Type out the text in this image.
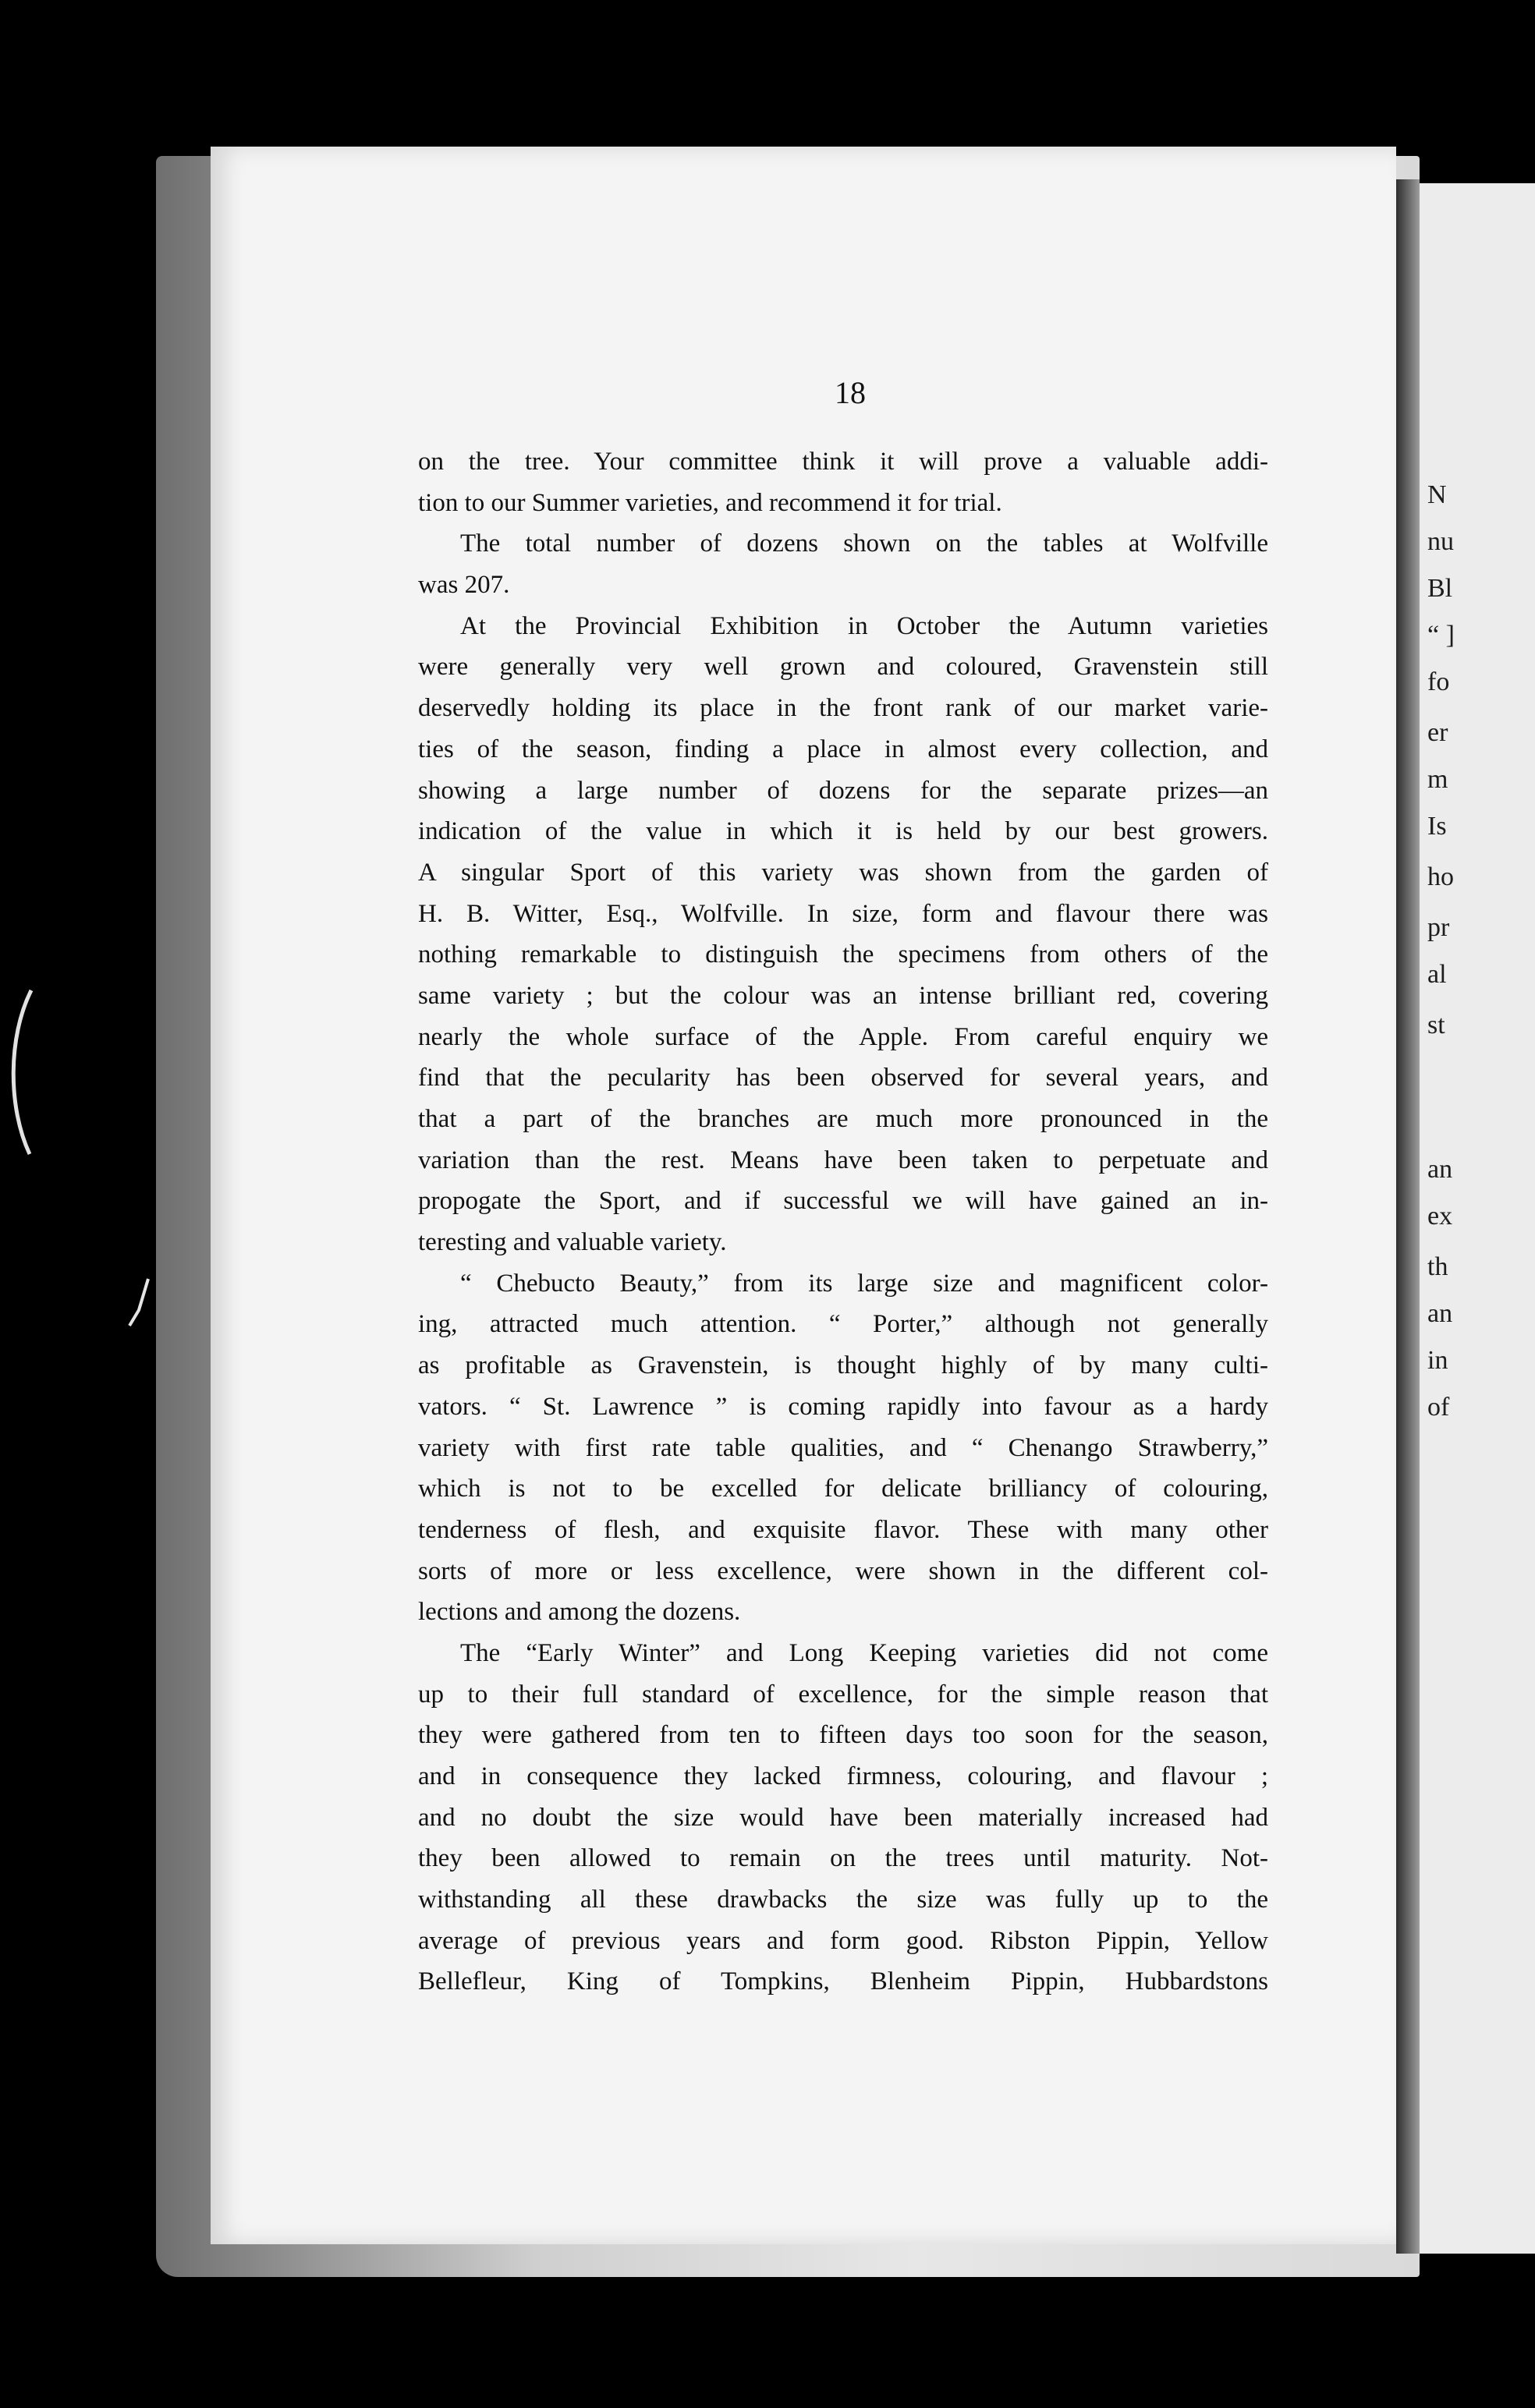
N
nu
Bl
“ ]
fo
er
m
Is
ho
pr
al
st
an
ex
th
an
in
of
18
on the tree. Your committee think it will prove a valuable addi-
tion to our Summer varieties, and recommend it for trial.
The total number of dozens shown on the tables at Wolfville
was 207.
At the Provincial Exhibition in October the Autumn varieties
were generally very well grown and coloured, Gravenstein still
deservedly holding its place in the front rank of our market varie-
ties of the season, finding a place in almost every collection, and
showing a large number of dozens for the separate prizes—an
indication of the value in which it is held by our best growers.
A singular Sport of this variety was shown from the garden of
H. B. Witter, Esq., Wolfville. In size, form and flavour there was
nothing remarkable to distinguish the specimens from others of the
same variety ; but the colour was an intense brilliant red, covering
nearly the whole surface of the Apple. From careful enquiry we
find that the pecularity has been observed for several years, and
that a part of the branches are much more pronounced in the
variation than the rest. Means have been taken to perpetuate and
propogate the Sport, and if successful we will have gained an in-
teresting and valuable variety.
“ Chebucto Beauty,” from its large size and magnificent color-
ing, attracted much attention. “ Porter,” although not generally
as profitable as Gravenstein, is thought highly of by many culti-
vators. “ St. Lawrence ” is coming rapidly into favour as a hardy
variety with first rate table qualities, and “ Chenango Strawberry,”
which is not to be excelled for delicate brilliancy of colouring,
tenderness of flesh, and exquisite flavor. These with many other
sorts of more or less excellence, were shown in the different col-
lections and among the dozens.
The “Early Winter” and Long Keeping varieties did not come
up to their full standard of excellence, for the simple reason that
they were gathered from ten to fifteen days too soon for the season,
and in consequence they lacked firmness, colouring, and flavour ;
and no doubt the size would have been materially increased had
they been allowed to remain on the trees until maturity. Not-
withstanding all these drawbacks the size was fully up to the
average of previous years and form good. Ribston Pippin, Yellow
Bellefleur, King of Tompkins, Blenheim Pippin, Hubbardstons
